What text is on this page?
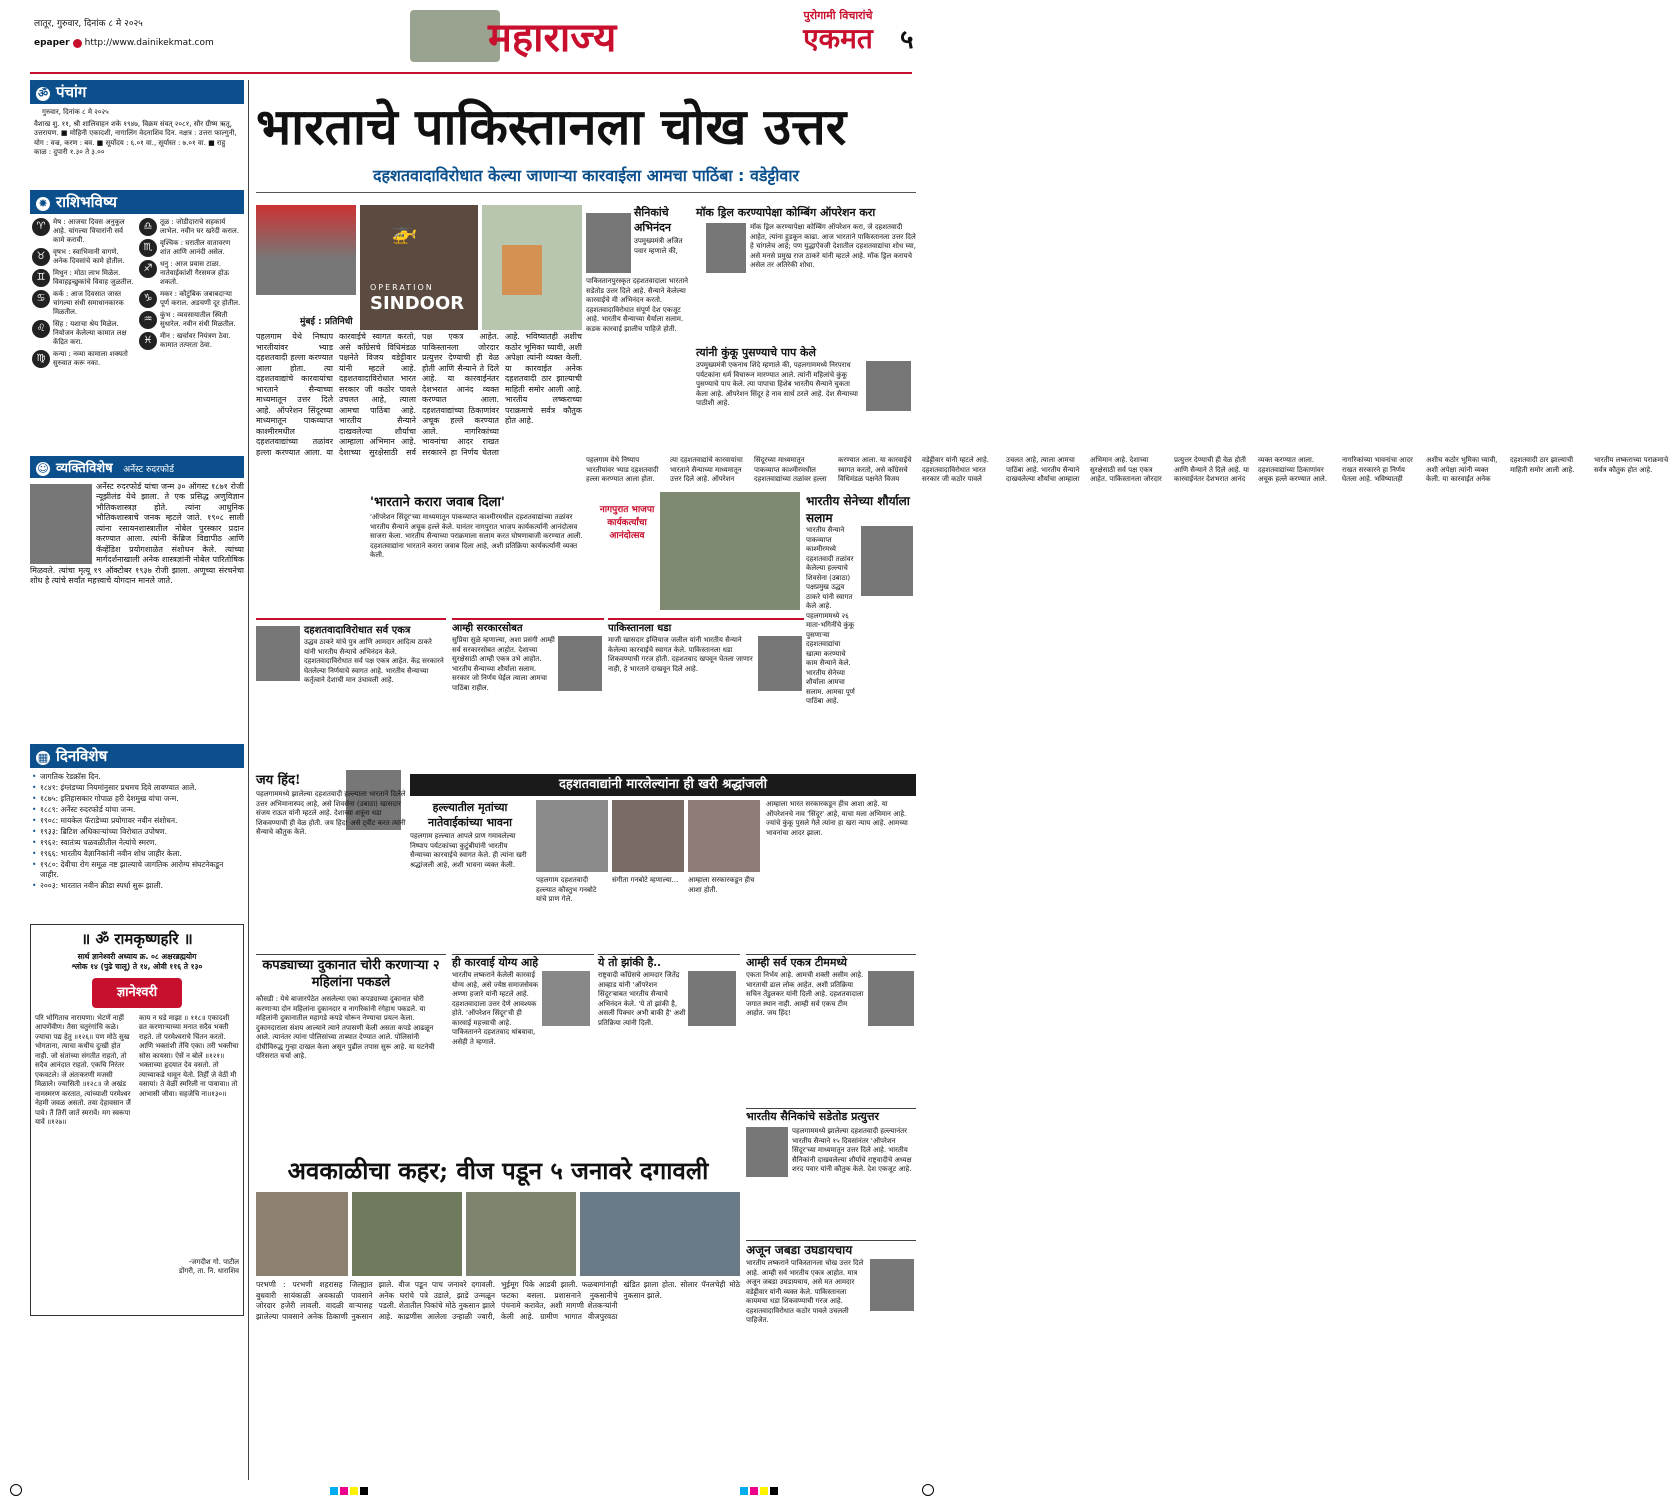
लातूर, गुरुवार, दिनांक ८ मे २०२५
epaper http://www.dainikekmat.com	महाराज्य	पुरोगामी विचारांचे
एकमत	५
ॐ पंचांग
गुरुवार, दिनांक ८ मे २०२५
वैशाख शु. ११, श्री शालिवाहन शके १९४७, विक्रम संवत् २०८१, सौर ग्रीष्म ऋतू, उत्तरायण. ■ मोहिनी एकादशी, नागालिंग वेदनाशिव दिन. नक्षत्र : उत्तरा फाल्गुनी, योग : वज्र, करण : बव. ■ सूर्योदय : ६.०१ वा., सूर्यास्त : ७.०१ वा. ■ राहु काळ : दुपारी १.३० ते ३.००
✸ राशिभविष्य
♈	मेष : आजचा दिवस अनुकूल आहे. चांगल्या विचारांनी सर्व कामे करावी.
♉	वृषभ : स्वाभिमानी वागणे. अनेक दिवसांचे कामे होतील.
♊	मिथुन : मोठा लाभ मिळेल. विवाहइच्छुकांचे विवाह जुळतील.
♋	कर्क : आज दिवसात जास्त चांगल्या संधी समाधानकारक मिळतील.
♌	सिंह : यशाचा श्रेय मिळेल. नियोजन केलेल्या कामात लक्ष केंद्रित करा.
♍	कन्या : नव्या कामाला शक्यतो सुरुवात करू नका.
♎	तूळ : जोडीदाराचे सहकार्य लाभेल. नवीन घर खरेदी कराल.
♏	वृश्चिक : घरातील वातावरण शांत आणि आनंदी असेल.
♐	धनु : आज प्रवास टाळा. नातेवाईकांशी गैरसमज होऊ शकतो.
♑	मकर : कौटुंबिक जबाबदाऱ्या पूर्ण कराल. अडचणी दूर होतील.
♒	कुंभ : व्यवसायातील स्थिती सुधारेल. नवीन संधी मिळतील.
♓	मीन : खर्चावर नियंत्रण ठेवा. कामात तत्परता ठेवा.
☺ व्यक्तिविशेष अर्नेस्ट रुदरफोर्ड
अर्नेस्ट रुदरफोर्ड यांचा जन्म ३० ऑगस्ट १८७१ रोजी न्यूझीलंड येथे झाला. ते एक प्रसिद्ध अणुविज्ञान भौतिकशास्त्रज्ञ होते. त्यांना आधुनिक भौतिकशास्त्राचे जनक म्हटले जाते. १९०८ साली त्यांना रसायनशास्त्रातील नोबेल पुरस्कार प्रदान करण्यात आला. त्यांनी केंब्रिज विद्यापीठ आणि कॅव्हेंडिश प्रयोगशाळेत संशोधन केले. त्यांच्या मार्गदर्शनाखाली अनेक शास्त्रज्ञांनी नोबेल पारितोषिक मिळवले. त्यांचा मृत्यू १९ ऑक्टोबर १९३७ रोजी झाला. अणूच्या संरचनेचा शोध हे त्यांचे सर्वांत महत्त्वाचे योगदान मानले जाते.
▦ दिनविशेष
• जागतिक रेडक्रॉस दिन.
• १८४१: इंग्लंडच्या नियमांनुसार प्रथमच दिवे लावण्यात आले.
• १८७५: इतिहासकार गोपाळ हरी देशमुख यांचा जन्म.
• १८८९: अर्नेस्ट रुदरफोर्ड यांचा जन्म.
• १९०८: मायकेल फॅराडेच्या प्रयोगावर नवीन संशोधन.
• १९३३: ब्रिटिश अधिकाऱ्यांच्या विरोधात उपोषण.
• १९६२: स्वातंत्र्य चळवळीतील नेत्यांचे स्मरण.
• १९६६: भारतीय वैज्ञानिकांनी नवीन शोध जाहीर केला.
• १९८०: देवीचा रोग समूळ नष्ट झाल्याचे जागतिक आरोग्य संघटनेकडून जाहीर.
• २००३: भारतात नवीन क्रीडा स्पर्धा सुरू झाली.
॥ ॐ रामकृष्णहरि ॥
सार्थ ज्ञानेश्वरी अध्याय क्र. ०८ अक्षरब्रह्मयोग
श्लोक १४ (पुढे चालू) ते १४, ओवी ११६ ते १३०
ज्ञानेश्वरी
परि भोगिताच नारायणा। भेटणें नाहीं आपणेंवीण। तैसा चतुरंगांचि कळे। ज्याचा पद्य हेतु ॥१२६॥ पण मोठे सुख भोगताना, त्याचा कधीच दुःखी होत नाही. जो संतांच्या संगतीत राहतो, तो सदैव आनंदात राहतो. एकचि निरंतर एकवटले। जे अंतःकरणी मजसी मिळाले। ज्यासिती ॥१२८॥ जे अखंड नामस्मरण करतात, त्यांच्याशी परमेश्वर नेहमी जवळ असतो. तया देहावसान जैं पावे। तैं तिरीं जातें स्मरावें। मग स्वरूपा यावें ॥१२७॥
काय न घडे माझा ॥ ११८॥ एकादशी व्रत करणाऱ्याच्या मनात सदैव भक्ती राहते. तो परमेश्वराचे चिंतन करतो. आणि भक्तांशी तेंचि एका। तरी भक्तीचा सोस कायसा। ऐसें न बोलें ॥१२१॥ भक्ताच्या हृदयात देव वसतो. तो त्याच्याकडे धावून येतो. तिर्हीं जे वेठीं मी वसायां। ते वेळीं स्मरिली ना पावावा॥ तो आभासी जीवा। सहजेचि ना॥१३०॥
-जगदीश गो. पाटील
डोंगरी, ता. नि. धाराशिव
भारताचे पाकिस्तानला चोख उत्तर
दहशतवादाविरोधात केल्या जाणाऱ्या कारवाईला आमचा पाठिंबा : वडेट्टीवार
🚁
OPERATION
SINDOOR
मुंबई : प्रतिनिधी
पहलगाम येथे निष्पाप भारतीयांवर भ्याड दहशतवादी हल्ला करण्यात आला होता. त्या दहशतवाद्यांचे कारवायांचा भारताने सैन्याच्या माध्यमातून उत्तर दिले आहे. ऑपरेशन सिंदूरच्या माध्यमातून पाकव्याप्त काश्मीरमधील दहशतवाद्यांच्या तळांवर हल्ला करण्यात आला. या कारवाईचे स्वागत करतो, असे काँग्रेसचे विधिमंडळ पक्षनेते विजय वडेट्टीवार यांनी म्हटले आहे. दहशतवादाविरोधात भारत सरकार जी कठोर पावले उचलत आहे, त्याला आमचा पाठिंबा आहे. भारतीय सैन्याने दाखवलेल्या शौर्याचा आम्हाला अभिमान आहे. देशाच्या सुरक्षेसाठी सर्व पक्ष एकत्र आहेत. पाकिस्तानला जोरदार प्रत्युत्तर देण्याची ही वेळ होती आणि सैन्याने ते दिले आहे. या कारवाईनंतर देशभरात आनंद व्यक्त करण्यात आला. दहशतवाद्यांच्या ठिकाणांवर अचूक हल्ले करण्यात आले. नागरिकांच्या भावनांचा आदर राखत सरकारने हा निर्णय घेतला आहे. भविष्यातही अशीच कठोर भूमिका घ्यावी, अशी अपेक्षा त्यांनी व्यक्त केली. या कारवाईत अनेक दहशतवादी ठार झाल्याची माहिती समोर आली आहे. भारतीय लष्कराच्या पराक्रमाचे सर्वत्र कौतुक होत आहे.
सैनिकांचे अभिनंदन
उपमुख्यमंत्री अजित पवार म्हणाले की,
पाकिस्तानपुरस्कृत दहशतवादाला भारताने सडेतोड उत्तर दिले आहे. सैन्याने केलेल्या कारवाईचे मी अभिनंदन करतो. दहशतवादाविरोधात संपूर्ण देश एकजूट आहे. भारतीय सैन्याच्या धैर्याला सलाम. कडक कारवाई झालीच पाहिजे होती.
मॉक ड्रिल करण्यापेक्षा कोम्बिंग ऑपरेशन करा
मॉक ड्रिल करण्यापेक्षा कोम्बिंग ऑपरेशन करा, जे दहशतवादी आहेत, त्यांना हुडकून काढा. आज भारताने पाकिस्तानला उत्तर दिले हे चांगलेच आहे; पण युद्धाऐवजी देशातील दहशतवाद्यांचा शोध घ्या, असे मनसे प्रमुख राज ठाकरे यांनी म्हटले आहे. मॉक ड्रिल करायचे असेल तर अतिरेकी शोधा.
त्यांनी कुंकू पुसण्याचे पाप केले
उपमुख्यमंत्री एकनाथ शिंदे म्हणाले की, पहलगाममध्ये निरपराध पर्यटकांना धर्म विचारून मारण्यात आले. त्यांनी महिलांचे कुंकू पुसण्याचे पाप केले. त्या पापाचा हिशेब भारतीय सैन्याने चुकता केला आहे. ऑपरेशन सिंदूर हे नाव सार्थ ठरले आहे. देश सैन्याच्या पाठीशी आहे.
पहलगाम येथे निष्पाप भारतीयांवर भ्याड दहशतवादी हल्ला करण्यात आला होता. त्या दहशतवाद्यांचे कारवायांचा भारताने सैन्याच्या माध्यमातून उत्तर दिले आहे. ऑपरेशन सिंदूरच्या माध्यमातून पाकव्याप्त काश्मीरमधील दहशतवाद्यांच्या तळांवर हल्ला करण्यात आला. या कारवाईचे स्वागत करतो, असे काँग्रेसचे विधिमंडळ पक्षनेते विजय वडेट्टीवार यांनी म्हटले आहे. दहशतवादाविरोधात भारत सरकार जी कठोर पावले उचलत आहे, त्याला आमचा पाठिंबा आहे. भारतीय सैन्याने दाखवलेल्या शौर्याचा आम्हाला अभिमान आहे. देशाच्या सुरक्षेसाठी सर्व पक्ष एकत्र आहेत. पाकिस्तानला जोरदार प्रत्युत्तर देण्याची ही वेळ होती आणि सैन्याने ते दिले आहे. या कारवाईनंतर देशभरात आनंद व्यक्त करण्यात आला. दहशतवाद्यांच्या ठिकाणांवर अचूक हल्ले करण्यात आले. नागरिकांच्या भावनांचा आदर राखत सरकारने हा निर्णय घेतला आहे. भविष्यातही अशीच कठोर भूमिका घ्यावी, अशी अपेक्षा त्यांनी व्यक्त केली. या कारवाईत अनेक दहशतवादी ठार झाल्याची माहिती समोर आली आहे. भारतीय लष्कराच्या पराक्रमाचे सर्वत्र कौतुक होत आहे.
'भारताने करारा जवाब दिला'
'ऑपरेशन सिंदूर'च्या माध्यमातून पाकव्याप्त काश्मीरमधील दहशतवाद्यांच्या तळांवर भारतीय सैन्याने अचूक हल्ले केले. यानंतर नागपुरात भाजप कार्यकर्त्यांनी आनंदोत्सव साजरा केला. भारतीय सैन्याच्या पराक्रमाला सलाम करत घोषणाबाजी करण्यात आली. दहशतवाद्यांना भारताने करारा जवाब दिला आहे, अशी प्रतिक्रिया कार्यकर्त्यांनी व्यक्त केली.
नागपुरात भाजपा कार्यकर्त्यांचा आनंदोत्सव
भारतीय सेनेच्या शौर्याला सलाम
भारतीय सैन्याने पाकव्याप्त काश्मीरमध्ये दहशतवादी तळांवर केलेल्या हल्ल्याचे शिवसेना (उबाठा) पक्षप्रमुख उद्धव ठाकरे यांनी स्वागत केले आहे. पहलगाममध्ये २६ माता-भगिनींचे कुंकू पुसणाऱ्या दहशतवाद्यांचा खात्मा करण्याचे काम सैन्याने केले. भारतीय सेनेच्या शौर्याला आमचा सलाम. आमचा पूर्ण पाठिंबा आहे.
दहशतवादाविरोधात सर्व एकत्र
उद्धव ठाकरे यांचे पुत्र आणि आमदार आदित्य ठाकरे यांनी भारतीय सैन्याचे अभिनंदन केले. दहशतवादाविरोधात सर्व पक्ष एकत्र आहेत. केंद्र सरकारने घेतलेल्या निर्णयाचे स्वागत आहे. भारतीय सैन्याच्या कर्तृत्वाने देशाची मान उंचावली आहे.
आम्ही सरकारसोबत
सुप्रिया सुळे म्हणाल्या, अशा प्रसंगी आम्ही सर्व सरकारसोबत आहोत. देशाच्या सुरक्षेसाठी आम्ही एकत्र उभे आहोत. भारतीय सैन्याच्या शौर्याला सलाम. सरकार जो निर्णय घेईल त्याला आमचा पाठिंबा राहील.
पाकिस्तानला धडा
माजी खासदार इम्तियाज जलील यांनी भारतीय सैन्याने केलेल्या कारवाईचे स्वागत केले. पाकिस्तानला धडा शिकवण्याची गरज होती. दहशतवाद खपवून घेतला जाणार नाही, हे भारताने दाखवून दिले आहे.
जय हिंद!
पहलगाममध्ये झालेल्या दहशतवादी हल्ल्याला भारताने दिलेले उत्तर अभिमानास्पद आहे, असे शिवसेना (उबाठा) खासदार संजय राऊत यांनी म्हटले आहे. देशाच्या शत्रूंना धडा शिकवण्याची ही वेळ होती. जय हिंद! असे ट्वीट करत त्यांनी सैन्याचे कौतुक केले.
दहशतवाद्यांनी मारलेल्यांना ही खरी श्रद्धांजली
हल्ल्यातील मृतांच्या नातेवाईकांच्या भावना
पहलगाम हल्ल्यात आपले प्राण गमावलेल्या निष्पाप पर्यटकांच्या कुटुंबीयांनी भारतीय सैन्याच्या कारवाईचे स्वागत केले. ही त्यांना खरी श्रद्धांजली आहे, अशी भावना व्यक्त केली.
पहलगाम दहशतवादी हल्ल्यात कौस्तुभ गनबोटे यांचे प्राण गेले.
संगीता गनबोटे म्हणाल्या...	आम्हाला सरकारकडून हीच आशा होती.
आम्हाला भारत सरकारकडून हीच आशा आहे. या ऑपरेशनचे नाव 'सिंदूर' आहे, याचा मला अभिमान आहे. ज्यांचे कुंकू पुसले गेले त्यांना हा खरा न्याय आहे. आमच्या भावनांचा आदर झाला.
कपड्याच्या दुकानात चोरी करणाऱ्या २ महिलांना पकडले
कौसडी : येथे बाजारपेठेत असलेल्या एका कपड्याच्या दुकानात चोरी करणाऱ्या दोन महिलांना दुकानदार व नागरिकांनी रंगेहाथ पकडले. या महिलांनी दुकानातील महागडे कपडे चोरून नेण्याचा प्रयत्न केला. दुकानदाराला संशय आल्याने त्याने तपासणी केली असता कपडे आढळून आले. त्यानंतर त्यांना पोलिसांच्या ताब्यात देण्यात आले. पोलिसांनी दोघींविरुद्ध गुन्हा दाखल केला असून पुढील तपास सुरू आहे. या घटनेची परिसरात चर्चा आहे.
ही कारवाई योग्य आहे
भारतीय लष्कराने केलेली कारवाई योग्य आहे, असे ज्येष्ठ समाजसेवक अण्णा हजारे यांनी म्हटले आहे. दहशतवादाला उत्तर देणे आवश्यक होते. 'ऑपरेशन सिंदूर'ची ही कारवाई महत्त्वाची आहे. पाकिस्तानने दहशतवाद थांबवावा, असेही ते म्हणाले.
ये तो झांकी है..
राष्ट्रवादी काँग्रेसचे आमदार जितेंद्र आव्हाड यांनी 'ऑपरेशन सिंदूर'बाबत भारतीय सैन्याचे अभिनंदन केले. 'ये तो झांकी है, असली पिक्चर अभी बाकी है' अशी प्रतिक्रिया त्यांनी दिली.
आम्ही सर्व एकत्र टीममध्ये
एकता निर्भय आहे. आमची शक्ती असीम आहे. भारताची ढाल लोक आहेत. अशी प्रतिक्रिया सचिन तेंडुलकर यांनी दिली आहे. दहशतवादाला जगात स्थान नाही. आम्ही सर्व एकच टीम आहोत. जय हिंद!
अवकाळीचा कहर; वीज पडून ५ जनावरे दगावली
परभणी : परभणी शहरासह जिल्ह्यात बुधवारी सायंकाळी अवकाळी पावसाने जोरदार हजेरी लावली. वादळी वाऱ्यासह झालेल्या पावसाने अनेक ठिकाणी नुकसान झाले. वीज पडून पाच जनावरे दगावली. अनेक घरांचे पत्रे उडाले, झाडे उन्मळून पडली. शेतातील पिकांचे मोठे नुकसान झाले आहे. काढणीस आलेला उन्हाळी ज्वारी, भुईमूग पिके आडवी झाली. फळबागांनाही फटका बसला. प्रशासनाने नुकसानीचे पंचनामे करावेत, अशी मागणी शेतकऱ्यांनी केली आहे. ग्रामीण भागात वीजपुरवठा खंडित झाला होता. सोलार पॅनलचेही मोठे नुकसान झाले.
भारतीय सैनिकांचे सडेतोड प्रत्युत्तर
पहलगाममध्ये झालेल्या दहशतवादी हल्ल्यानंतर भारतीय सैन्याने १५ दिवसांनंतर 'ऑपरेशन सिंदूर'च्या माध्यमातून उत्तर दिले आहे. भारतीय सैनिकांनी दाखवलेल्या शौर्याचे राष्ट्रवादीचे अध्यक्ष शरद पवार यांनी कौतुक केले. देश एकजूट आहे.
अजून जबडा उघडायचाय
भारतीय लष्कराने पाकिस्तानला चोख उत्तर दिले आहे. आम्ही सर्व भारतीय एकत्र आहोत. मात्र अजून जबडा उघडायचाय, असे मत आमदार वडेट्टीवार यांनी व्यक्त केले. पाकिस्तानला कायमचा धडा शिकवण्याची गरज आहे. दहशतवादाविरोधात कठोर पावले उचलली पाहिजेत.
